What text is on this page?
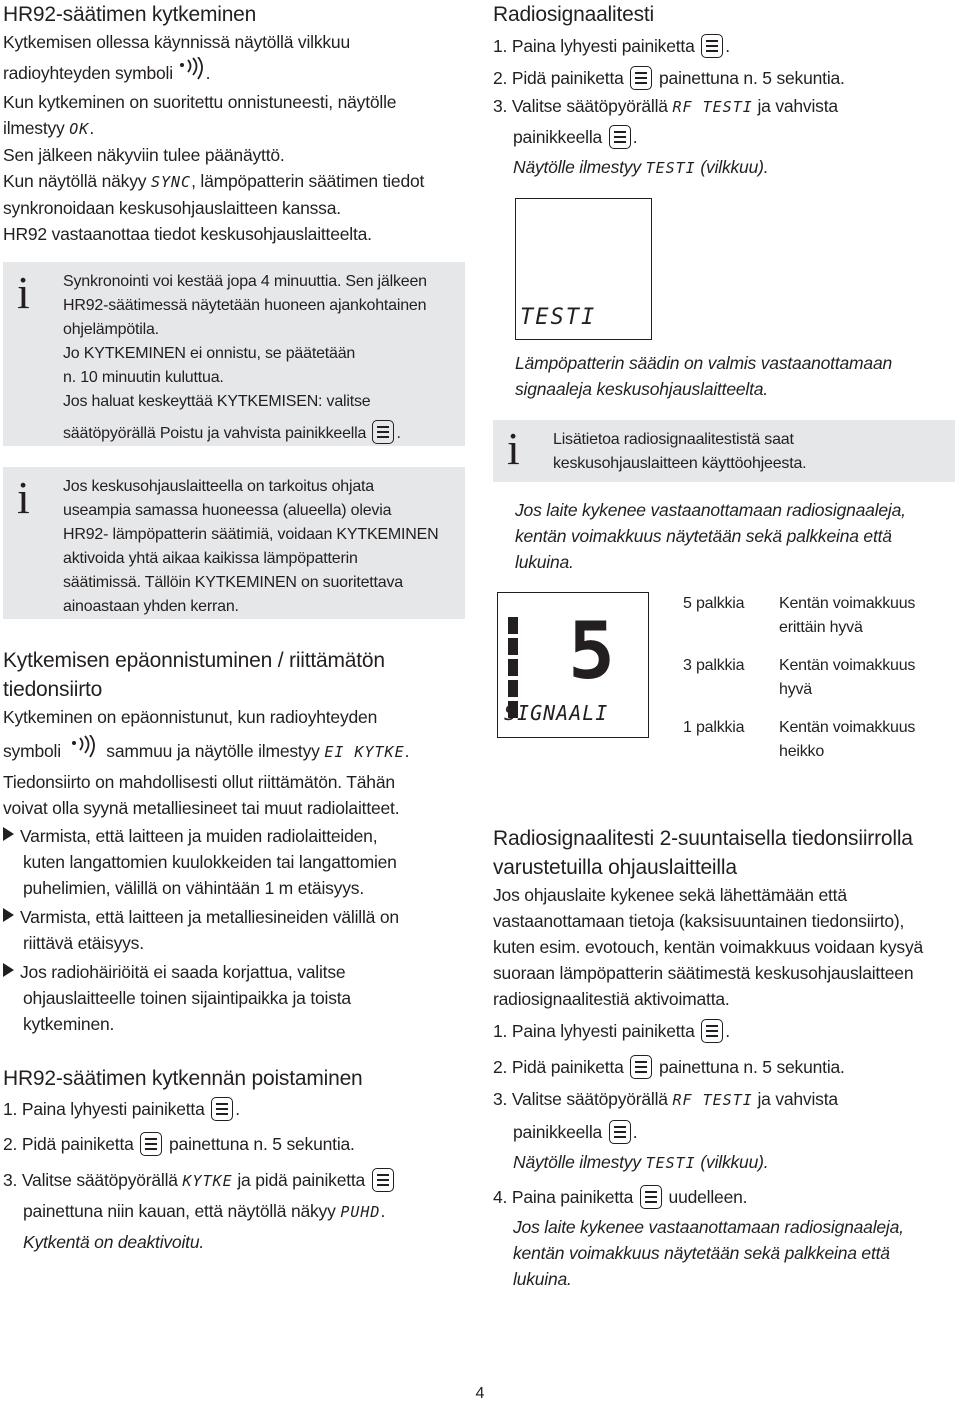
HR92-säätimen kytkeminen

Kytkemisen ollessa käynnissä näytöllä vilkkuu

radioyhteyden symboli .

Kun kytkeminen on suoritettu onnistuneesti, näytölle

ilmestyy OK.

Sen jälkeen näkyviin tulee päänäyttö.

Kun näytöllä näkyy SYNC, lämpöpatterin säätimen tiedot

synkronoidaan keskusohjauslaitteen kanssa.

HR92 vastaanottaa tiedot keskusohjauslaitteelta.

i Synkronointi voi kestää jopa 4 minuuttia. Sen jälkeen

HR92-säätimessä näytetään huoneen ajankohtainen

ohjelämpötila.

Jo KYTKEMINEN ei onnistu, se päätetään

n. 10 minuutin kuluttua.

Jos haluat keskeyttää KYTKEMISEN: valitse

säätöpyörällä Poistu ja vahvista painikkeella .

i Jos keskusohjauslaitteella on tarkoitus ohjata

useampia samassa huoneessa (alueella) olevia

HR92- lämpöpatterin säätimiä, voidaan KYTKEMINEN

aktivoida yhtä aikaa kaikissa lämpöpatterin

säätimissä. Tällöin KYTKEMINEN on suoritettava

ainoastaan yhden kerran.

Kytkemisen epäonnistuminen / riittämätön
tiedonsiirto

Kytkeminen on epäonnistunut, kun radioyhteyden

symboli	sammuu ja näytölle ilmestyy EI KYTKE.

Tiedonsiirto on mahdollisesti ollut riittämätön. Tähän

voivat olla syynä metalliesineet tai muut radiolaitteet.

Varmista, että laitteen ja muiden radiolaitteiden,

kuten langattomien kuulokkeiden tai langattomien

puhelimien, välillä on vähintään 1 m etäisyys.

Varmista, että laitteen ja metalliesineiden välillä on

riittävä etäisyys.

Jos radiohäiriöitä ei saada korjattua, valitse

ohjauslaitteelle toinen sijaintipaikka ja toista

kytkeminen.

HR92-säätimen kytkennän poistaminen

1. Paina lyhyesti painiketta .

2. Pidä painiketta painettuna n. 5 sekuntia.

3. Valitse säätöpyörällä KYTKE ja pidä painiketta

painettuna niin kauan, että näytöllä näkyy PUHD.

Kytkentä on deaktivoitu.

Radiosignaalitesti

1. Paina lyhyesti painiketta .

2. Pidä painiketta painettuna n. 5 sekuntia.

3. Valitse säätöpyörällä RF TESTI ja vahvista

painikkeella .

Näytölle ilmestyy TESTI (vilkkuu).

TESTI

Lämpöpatterin säädin on valmis vastaanottamaan

signaaleja keskusohjauslaitteelta.

i Lisätietoa radiosignaalitestistä saat

keskusohjauslaitteen käyttöohjeesta.

Jos laite kykenee vastaanottamaan radiosignaaleja,

kentän voimakkuus näytetään sekä palkkeina että

lukuina.

5
SIGNAALI

5 palkkia Kentän voimakkuus

erittäin hyvä

3 palkkia Kentän voimakkuus

hyvä

1 palkkia Kentän voimakkuus

heikko

Radiosignaalitesti 2-suuntaisella tiedonsiirrolla
varustetuilla ohjauslaitteilla

Jos ohjauslaite kykenee sekä lähettämään että

vastaanottamaan tietoja (kaksisuuntainen tiedonsiirto),

kuten esim. evotouch, kentän voimakkuus voidaan kysyä

suoraan lämpöpatterin säätimestä keskusohjauslaitteen

radiosignaalitestiä aktivoimatta.

1. Paina lyhyesti painiketta .

2. Pidä painiketta painettuna n. 5 sekuntia.

3. Valitse säätöpyörällä RF TESTI ja vahvista

painikkeella .

Näytölle ilmestyy TESTI (vilkkuu).

4. Paina painiketta uudelleen.

Jos laite kykenee vastaanottamaan radiosignaaleja,

kentän voimakkuus näytetään sekä palkkeina että

lukuina.

4
